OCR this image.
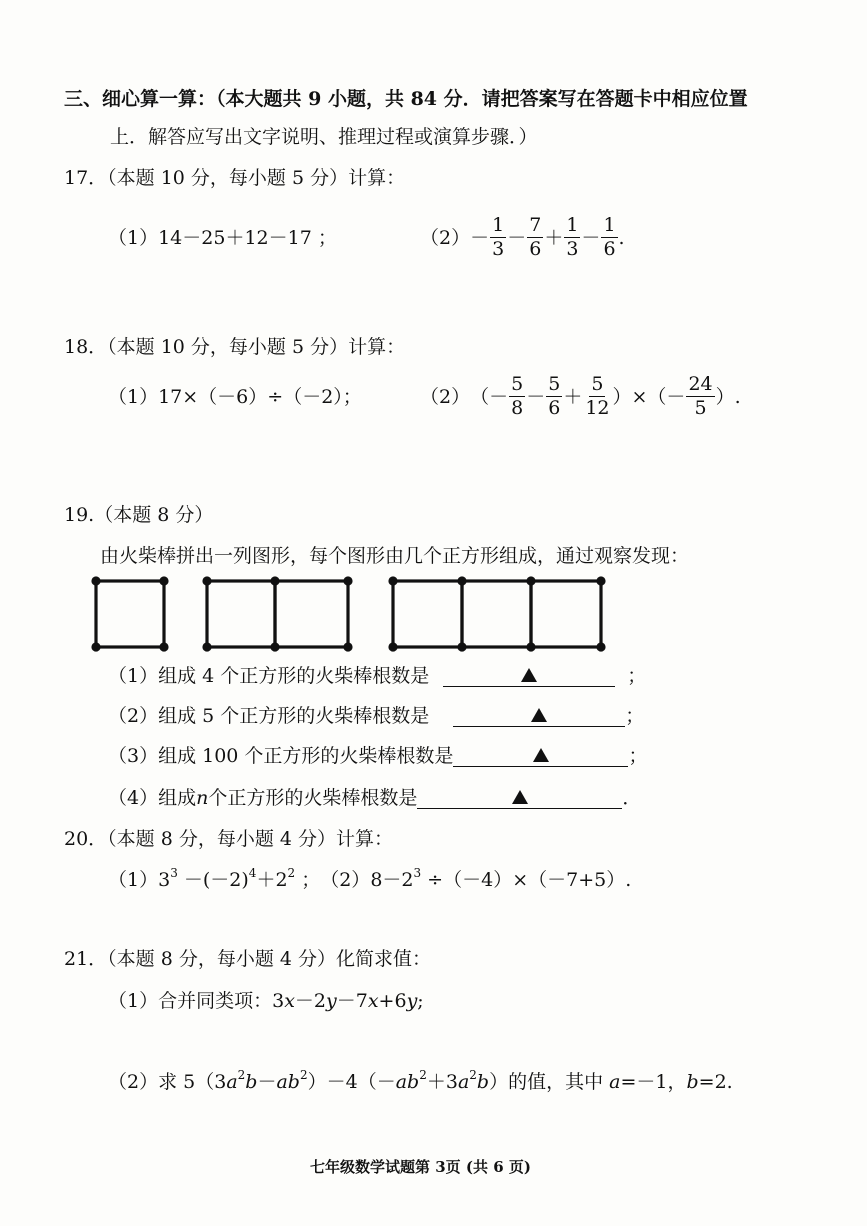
三、细心算一算：（本大题共 9 小题，共 84 分．请把答案写在答题卡中相应位置
上．解答应写出文字说明、推理过程或演算步骤．）
17．（本题 10 分，每小题 5 分）计算：
（1）14－25＋12－17 ；	$(2) - \frac{1}{3} - \frac{7}{6} + \frac{1}{3} - \frac{1}{6}$ .
18．（本题 10 分，每小题 5 分）计算：
（1）17×（－6）÷（－2）；	（2） （－ $\frac{5}{8} - \frac{5}{6} + \frac{5}{12}$ ）×（－ $\frac{24}{5}$ ）.
19.（本题 8 分）
由火柴棒拼出一列图形，每个图形由几个正方形组成，通过观察发现：
（1）组成 4 个正方形的火柴棒根数是	；
（2）组成 5 个正方形的火柴棒根数是	；
（3）组成 100 个正方形的火柴棒根数是	；
（4）组成 n 个正方形的火柴棒根数是	．
20．（本题 8 分，每小题 4 分）计算：
$(1)3^3 -(-2)^4+2^2$ ；　$(2)8-2^3 \div(-4)\times(-7+5)$.
21．（本题 8 分，每小题 4 分）化简求值：
（1）合并同类项：3x－2y－7x+6y;
（2）求 $5(3a^2b-ab^2)-4(-ab^2+3a^2b)$的值，其中 a=－1，b=2.
七年级数学试题第 3页 (共 6 页)
